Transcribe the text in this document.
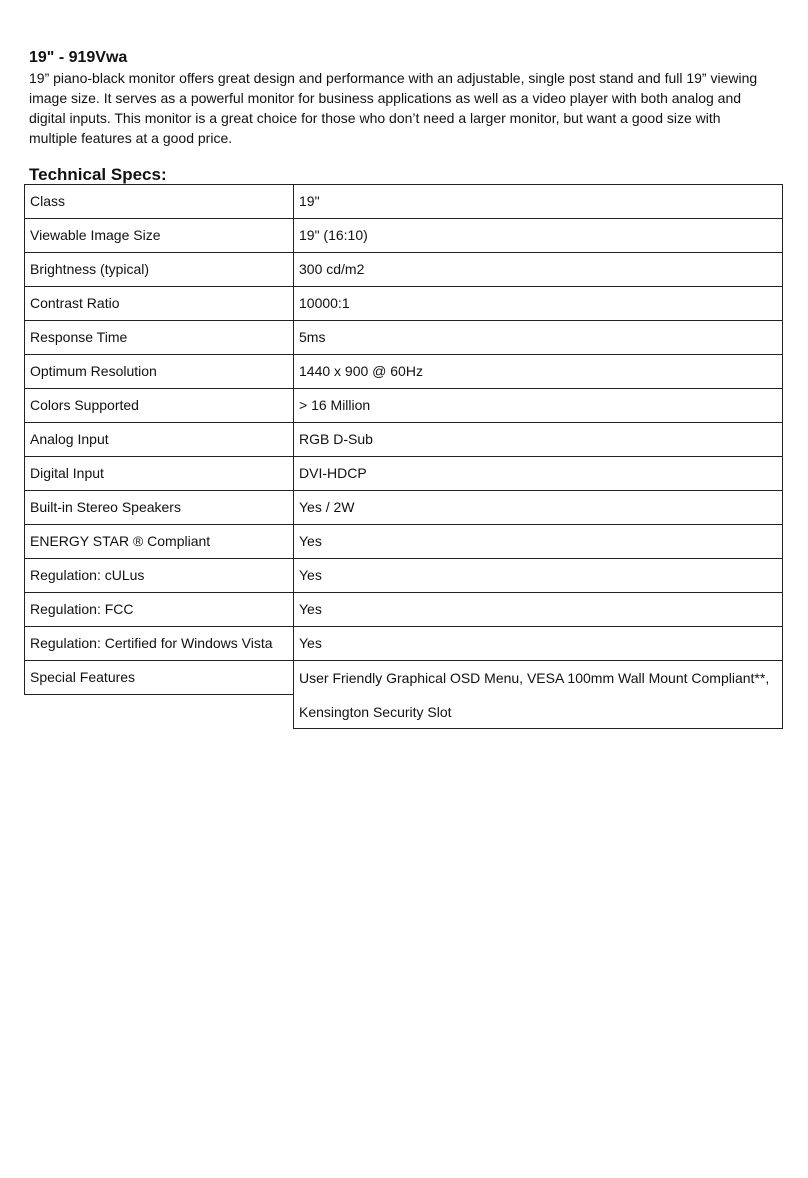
19" - 919Vwa

19” piano-black monitor offers great design and performance with an adjustable, single post stand and full 19” viewing image size. It serves as a powerful monitor for business applications as well as a video player with both analog and digital inputs. This monitor is a great choice for those who don’t need a larger monitor, but want a good size with multiple features at a good price.

Technical Specs:
Class	19"
Viewable Image Size	19" (16:10)
Brightness (typical)	300 cd/m2
Contrast Ratio	10000:1
Response Time	5ms
Optimum Resolution	1440 x 900 @ 60Hz
Colors Supported	> 16 Million
Analog Input	RGB D-Sub
Digital Input	DVI-HDCP
Built-in Stereo Speakers	Yes / 2W
ENERGY STAR ® Compliant	Yes
Regulation: cULus	Yes
Regulation: FCC	Yes
Regulation: Certified for Windows Vista	Yes
Special Features	User Friendly Graphical OSD Menu, VESA 100mm Wall Mount Compliant**,
Kensington Security Slot
